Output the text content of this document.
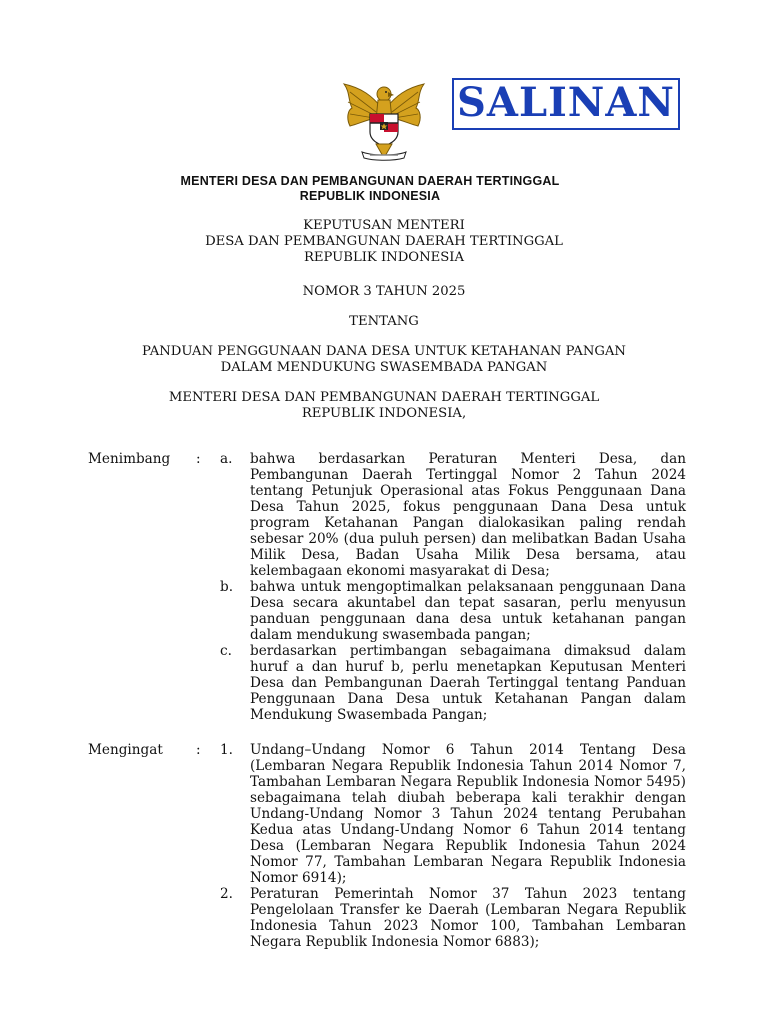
SALINAN
MENTERI DESA DAN PEMBANGUNAN DAERAH TERTINGGAL
REPUBLIK INDONESIA
KEPUTUSAN MENTERI
DESA DAN PEMBANGUNAN DAERAH TERTINGGAL
REPUBLIK INDONESIA
NOMOR 3 TAHUN 2025
TENTANG
PANDUAN PENGGUNAAN DANA DESA UNTUK KETAHANAN PANGAN
DALAM MENDUKUNG SWASEMBADA PANGAN
MENTERI DESA DAN PEMBANGUNAN DAERAH TERTINGGAL
REPUBLIK INDONESIA,
Menimbang : a.	bahwa berdasarkan Peraturan Menteri Desa, dan Pembangunan Daerah Tertinggal Nomor 2 Tahun 2024 tentang Petunjuk Operasional atas Fokus Penggunaan Dana Desa Tahun 2025, fokus penggunaan Dana Desa untuk program Ketahanan Pangan dialokasikan paling rendah sebesar 20% (dua puluh persen) dan melibatkan Badan Usaha Milik Desa, Badan Usaha Milik Desa bersama, atau kelembagaan ekonomi masyarakat di Desa;
b.	bahwa untuk mengoptimalkan pelaksanaan penggunaan Dana Desa secara akuntabel dan tepat sasaran, perlu menyusun panduan penggunaan dana desa untuk ketahanan pangan dalam mendukung swasembada pangan;
c.	berdasarkan pertimbangan sebagaimana dimaksud dalam huruf a dan huruf b, perlu menetapkan Keputusan Menteri Desa dan Pembangunan Daerah Tertinggal tentang Panduan Penggunaan Dana Desa untuk Ketahanan Pangan dalam Mendukung Swasembada Pangan;
Mengingat : 1.	Undang–Undang Nomor 6 Tahun 2014 Tentang Desa (Lembaran Negara Republik Indonesia Tahun 2014 Nomor 7, Tambahan Lembaran Negara Republik Indonesia Nomor 5495) sebagaimana telah diubah beberapa kali terakhir dengan Undang-Undang Nomor 3 Tahun 2024 tentang Perubahan Kedua atas Undang-Undang Nomor 6 Tahun 2014 tentang Desa (Lembaran Negara Republik Indonesia Tahun 2024 Nomor 77, Tambahan Lembaran Negara Republik Indonesia Nomor 6914);
2.	Peraturan Pemerintah Nomor 37 Tahun 2023 tentang Pengelolaan Transfer ke Daerah (Lembaran Negara Republik Indonesia Tahun 2023 Nomor 100, Tambahan Lembaran Negara Republik Indonesia Nomor 6883);
